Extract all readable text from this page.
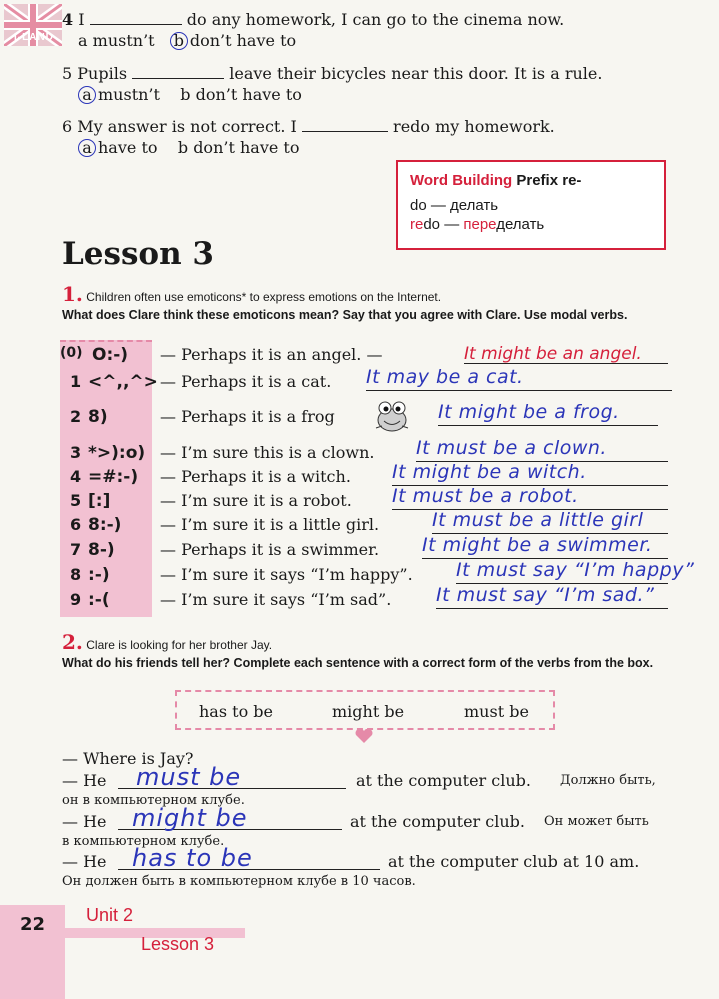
I-LAND
4 I	do any homework, I can go to the cinema now.
a mustn’t b don’t have to
5 Pupils	leave their bicycles near this door. It is a rule.
a mustn’t b don’t have to
6 My answer is not correct. I	redo my homework.
a have to b don’t have to
Word Building Prefix re-
do — делать
redo — переделать
Lesson 3
1. Children often use emoticons* to express emotions on the Internet.
What does Clare think these emoticons mean? Say that you agree with Clare. Use modal verbs.
(0) O:-) — Perhaps it is an angel. —	It might be an angel.
1 <^,,^> — Perhaps it is a cat. It may be a cat.
2 8)	— Perhaps it is a frog	It might be a frog.
3 *>):o) — I’m sure this is a clown. It must be a clown.
4 =#:-) — Perhaps it is a witch. It might be a witch.
5 [:]	— I’m sure it is a robot. It must be a robot.
6 8:-) — I’m sure it is a little girl.	It must be a little girl
7 8-)	— Perhaps it is a swimmer. It might be a swimmer.
8 :-)	— I’m sure it says “I’m happy”. It must say “I’m happy”
9 :-(	— I’m sure it says “I’m sad”. It must say “I’m sad.”
2. Clare is looking for her brother Jay.
What do his friends tell her? Complete each sentence with a correct form of the verbs from the box.
has to be	might be	must be
— Where is Jay?
— He must be	at the computer club. Должно быть,
он в компьютерном клубе.
— He might be	at the computer club. Он может быть
в компьютерном клубе.
— He has to be	at the computer club at 10 am.
Он должен быть в компьютерном клубе в 10 часов.
22 Unit 2
Lesson 3
